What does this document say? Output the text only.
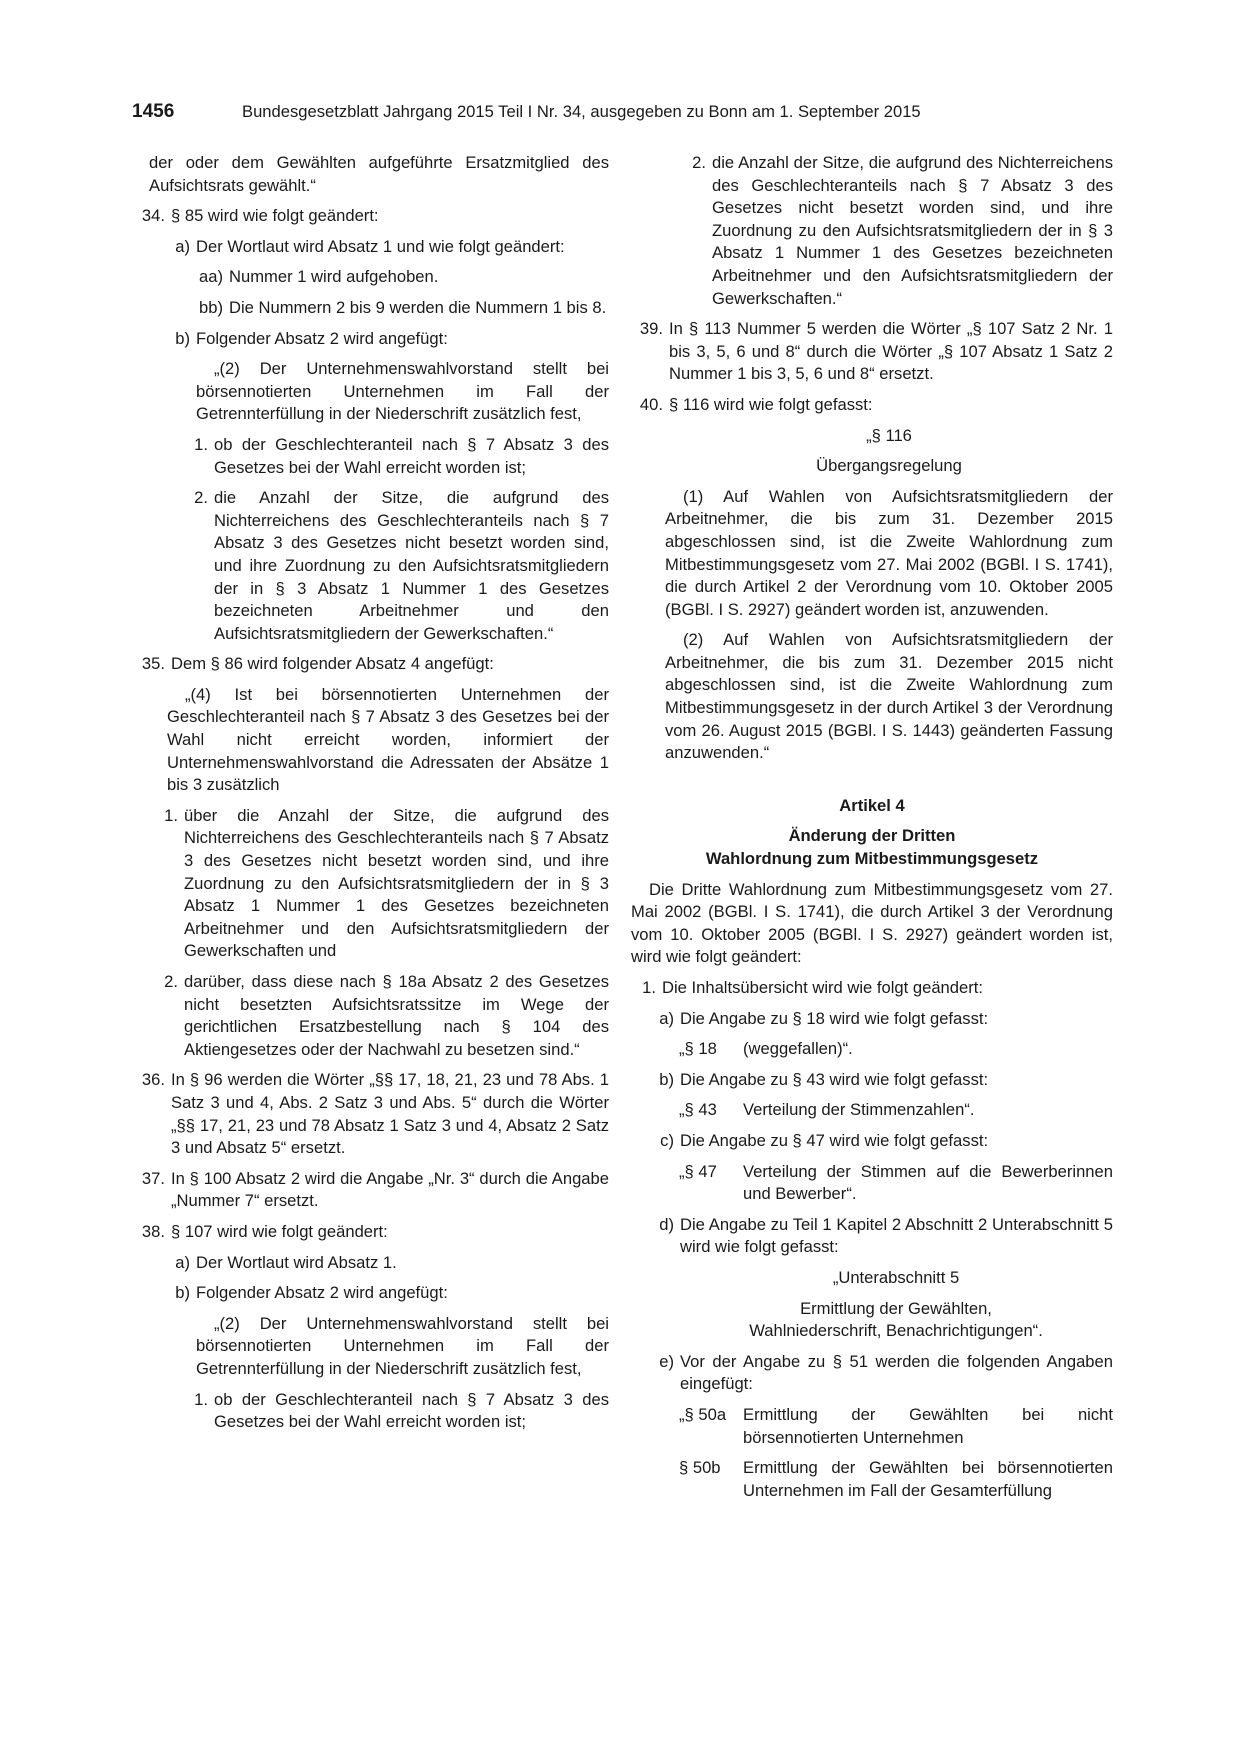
1456	Bundesgesetzblatt Jahrgang 2015 Teil I Nr. 34, ausgegeben zu Bonn am 1. September 2015

der oder dem Gewählten aufgeführte Ersatzmitglied des Aufsichtsrats gewählt.“

34. § 85 wird wie folgt geändert:

a) Der Wortlaut wird Absatz 1 und wie folgt geändert:

aa) Nummer 1 wird aufgehoben.

bb) Die Nummern 2 bis 9 werden die Nummern 1 bis 8.

b) Folgender Absatz 2 wird angefügt:

„(2) Der Unternehmenswahlvorstand stellt bei börsennotierten Unternehmen im Fall der Getrennterfüllung in der Niederschrift zusätzlich fest,

1. ob der Geschlechteranteil nach § 7 Absatz 3 des Gesetzes bei der Wahl erreicht worden ist;

2. die Anzahl der Sitze, die aufgrund des Nichterreichens des Geschlechteranteils nach § 7 Absatz 3 des Gesetzes nicht besetzt worden sind, und ihre Zuordnung zu den Aufsichtsratsmitgliedern der in § 3 Absatz 1 Nummer 1 des Gesetzes bezeichneten Arbeitnehmer und den Aufsichtsratsmitgliedern der Gewerkschaften.“

35. Dem § 86 wird folgender Absatz 4 angefügt:

„(4) Ist bei börsennotierten Unternehmen der Geschlechteranteil nach § 7 Absatz 3 des Gesetzes bei der Wahl nicht erreicht worden, informiert der Unternehmenswahlvorstand die Adressaten der Absätze 1 bis 3 zusätzlich

1. über die Anzahl der Sitze, die aufgrund des Nichterreichens des Geschlechteranteils nach § 7 Absatz 3 des Gesetzes nicht besetzt worden sind, und ihre Zuordnung zu den Aufsichtsratsmitgliedern der in § 3 Absatz 1 Nummer 1 des Gesetzes bezeichneten Arbeitnehmer und den Aufsichtsratsmitgliedern der Gewerkschaften und

2. darüber, dass diese nach § 18a Absatz 2 des Gesetzes nicht besetzten Aufsichtsratssitze im Wege der gerichtlichen Ersatzbestellung nach § 104 des Aktiengesetzes oder der Nachwahl zu besetzen sind.“

36. In § 96 werden die Wörter „§§ 17, 18, 21, 23 und 78 Abs. 1 Satz 3 und 4, Abs. 2 Satz 3 und Abs. 5“ durch die Wörter „§§ 17, 21, 23 und 78 Absatz 1 Satz 3 und 4, Absatz 2 Satz 3 und Absatz 5“ ersetzt.

37. In § 100 Absatz 2 wird die Angabe „Nr. 3“ durch die Angabe „Nummer 7“ ersetzt.

38. § 107 wird wie folgt geändert:

a) Der Wortlaut wird Absatz 1.

b) Folgender Absatz 2 wird angefügt:

„(2) Der Unternehmenswahlvorstand stellt bei börsennotierten Unternehmen im Fall der Getrennterfüllung in der Niederschrift zusätzlich fest,

1. ob der Geschlechteranteil nach § 7 Absatz 3 des Gesetzes bei der Wahl erreicht worden ist;

2. die Anzahl der Sitze, die aufgrund des Nichterreichens des Geschlechteranteils nach § 7 Absatz 3 des Gesetzes nicht besetzt worden sind, und ihre Zuordnung zu den Aufsichtsratsmitgliedern der in § 3 Absatz 1 Nummer 1 des Gesetzes bezeichneten Arbeitnehmer und den Aufsichtsratsmitgliedern der Gewerkschaften.“

39. In § 113 Nummer 5 werden die Wörter „§ 107 Satz 2 Nr. 1 bis 3, 5, 6 und 8“ durch die Wörter „§ 107 Absatz 1 Satz 2 Nummer 1 bis 3, 5, 6 und 8“ ersetzt.

40. § 116 wird wie folgt gefasst:

„§ 116

Übergangsregelung

(1) Auf Wahlen von Aufsichtsratsmitgliedern der Arbeitnehmer, die bis zum 31. Dezember 2015 abgeschlossen sind, ist die Zweite Wahlordnung zum Mitbestimmungsgesetz vom 27. Mai 2002 (BGBl. I S. 1741), die durch Artikel 2 der Verordnung vom 10. Oktober 2005 (BGBl. I S. 2927) geändert worden ist, anzuwenden.

(2) Auf Wahlen von Aufsichtsratsmitgliedern der Arbeitnehmer, die bis zum 31. Dezember 2015 nicht abgeschlossen sind, ist die Zweite Wahlordnung zum Mitbestimmungsgesetz in der durch Artikel 3 der Verordnung vom 26. August 2015 (BGBl. I S. 1443) geänderten Fassung anzuwenden.“

Artikel 4

Änderung der Dritten

Wahlordnung zum Mitbestimmungsgesetz

Die Dritte Wahlordnung zum Mitbestimmungsgesetz vom 27. Mai 2002 (BGBl. I S. 1741), die durch Artikel 3 der Verordnung vom 10. Oktober 2005 (BGBl. I S. 2927) geändert worden ist, wird wie folgt geändert:

1. Die Inhaltsübersicht wird wie folgt geändert:

a) Die Angabe zu § 18 wird wie folgt gefasst:

„§ 18	(weggefallen)“.

b) Die Angabe zu § 43 wird wie folgt gefasst:

„§ 43	Verteilung der Stimmenzahlen“.

c) Die Angabe zu § 47 wird wie folgt gefasst:

„§ 47	Verteilung der Stimmen auf die Bewerberinnen und Bewerber“.

d) Die Angabe zu Teil 1 Kapitel 2 Abschnitt 2 Unterabschnitt 5 wird wie folgt gefasst:

„Unterabschnitt 5

Ermittlung der Gewählten,

Wahlniederschrift, Benachrichtigungen“.

e) Vor der Angabe zu § 51 werden die folgenden Angaben eingefügt:

„§ 50a	Ermittlung der Gewählten bei nicht börsennotierten Unternehmen

§ 50b	Ermittlung der Gewählten bei börsennotierten Unternehmen im Fall der Gesamterfüllung
